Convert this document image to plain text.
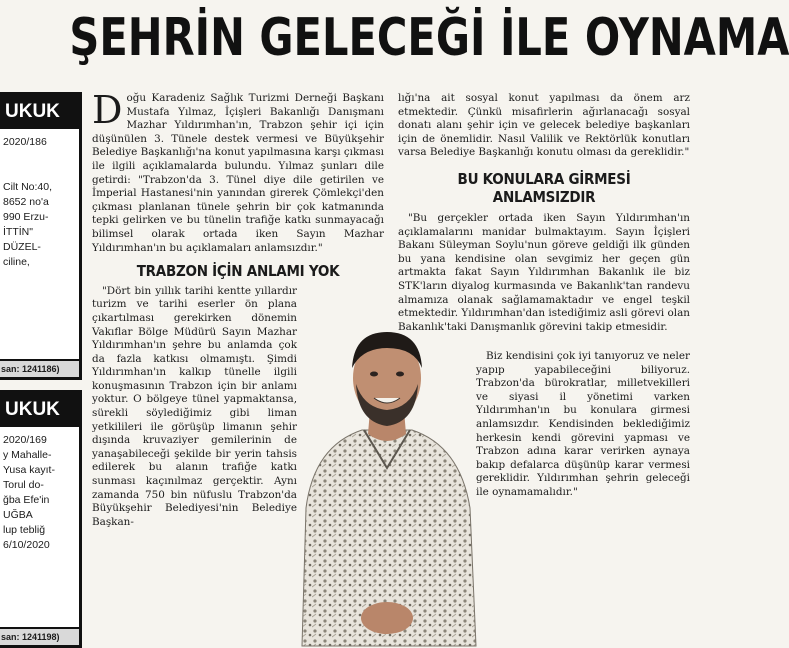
ŞEHRİN GELECEĞİ İLE OYNAMA
UKUK
2020/186
Cilt No:40,
8652 no'a
990 Erzu-
İTTİN"
DÜZEL-
ciline,
san: 1241186)
UKUK
2020/169
y Mahalle-
Yusa kayıt-
Torul do-
ğba Efe'in
UĞBA
lup tebliğ
6/10/2020
san: 1241198)
D oğu Karadeniz Sağlık Turizmi Derneği Başkanı Mustafa Yılmaz, İçişleri Bakanlığı Danışmanı Mazhar Yıldırımhan'ın, Trabzon şehir içi için düşünülen 3. Tünele destek vermesi ve Büyükşehir Belediye Başkanlığı'na konut yapılmasına karşı çıkması ile ilgili açıklamalarda bulundu. Yılmaz şunları dile getirdi: "Trabzon'da 3. Tünel diye dile getirilen ve İmperial Hastanesi'nin yanından girerek Çömlekçi'den çıkması planlanan tünele şehrin bir çok katmanında tepki gelirken ve bu tünelin trafiğe katkı sunmayacağı bilimsel olarak ortada iken Sayın Mazhar Yıldırımhan'ın bu açıklamaları anlamsızdır."
TRABZON İÇİN ANLAMI YOK

"Dört bin yıllık tarihi kentte yıllardır turizm ve tarihi eserler ön plana çıkartılması gerekirken dönemin Vakıflar Bölge Müdürü Sayın Mazhar Yıldırımhan'ın şehre bu anlamda çok da fazla katkısı olmamıştı. Şimdi Yıldırımhan'ın kalkıp tünelle ilgili konuşmasının Trabzon için bir anlamı yoktur. O bölgeye tünel yapmaktansa, sürekli söylediğimiz gibi liman yetkilileri ile görüşüp limanın şehir dışında kruvaziyer gemilerinin de yanaşabileceği şekilde bir yerin tahsis edilerek bu alanın trafiğe katkı sunması kaçınılmaz gerçektir. Aynı zamanda 750 bin nüfuslu Trabzon'da Büyükşehir Belediyesi'nin Belediye Başkan-

lığı'na ait sosyal konut yapılması da önem arz etmektedir. Çünkü misafirlerin ağırlanacağı sosyal donatı alanı şehir için ve gelecek belediye başkanları için de önemlidir. Nasıl Valilik ve Rektörlük konutları varsa Belediye Başkanlığı konutu olması da gereklidir."
BU KONULARA GİRMESİ ANLAMSIZDIR

"Bu gerçekler ortada iken Sayın Yıldırımhan'ın açıklamalarını manidar bulmaktayım. Sayın İçişleri Bakanı Süleyman Soylu'nun göreve geldiği ilk günden bu yana kendisine olan sevgimiz her geçen gün artmakta fakat Sayın Yıldırımhan Bakanlık ile biz STK'ların diyalog kurmasında ve Bakanlık'tan randevu almamıza olanak sağlamamaktadır ve engel teşkil etmektedir. Yıldırımhan'dan istediğimiz asli görevi olan Bakanlık'taki Danışmanlık görevini takip etmesidir.

Biz kendisini çok iyi tanıyoruz ve neler yapıp yapabileceğini biliyoruz. Trabzon'da bürokratlar, milletvekilleri ve siyasi il yönetimi varken Yıldırımhan'ın bu konulara girmesi anlamsızdır. Kendisinden beklediğimiz herkesin kendi görevini yapması ve Trabzon adına karar verirken aynaya bakıp defalarca düşünüp karar vermesi gereklidir. Yıldırımhan şehrin geleceği ile oynamamalıdır."
